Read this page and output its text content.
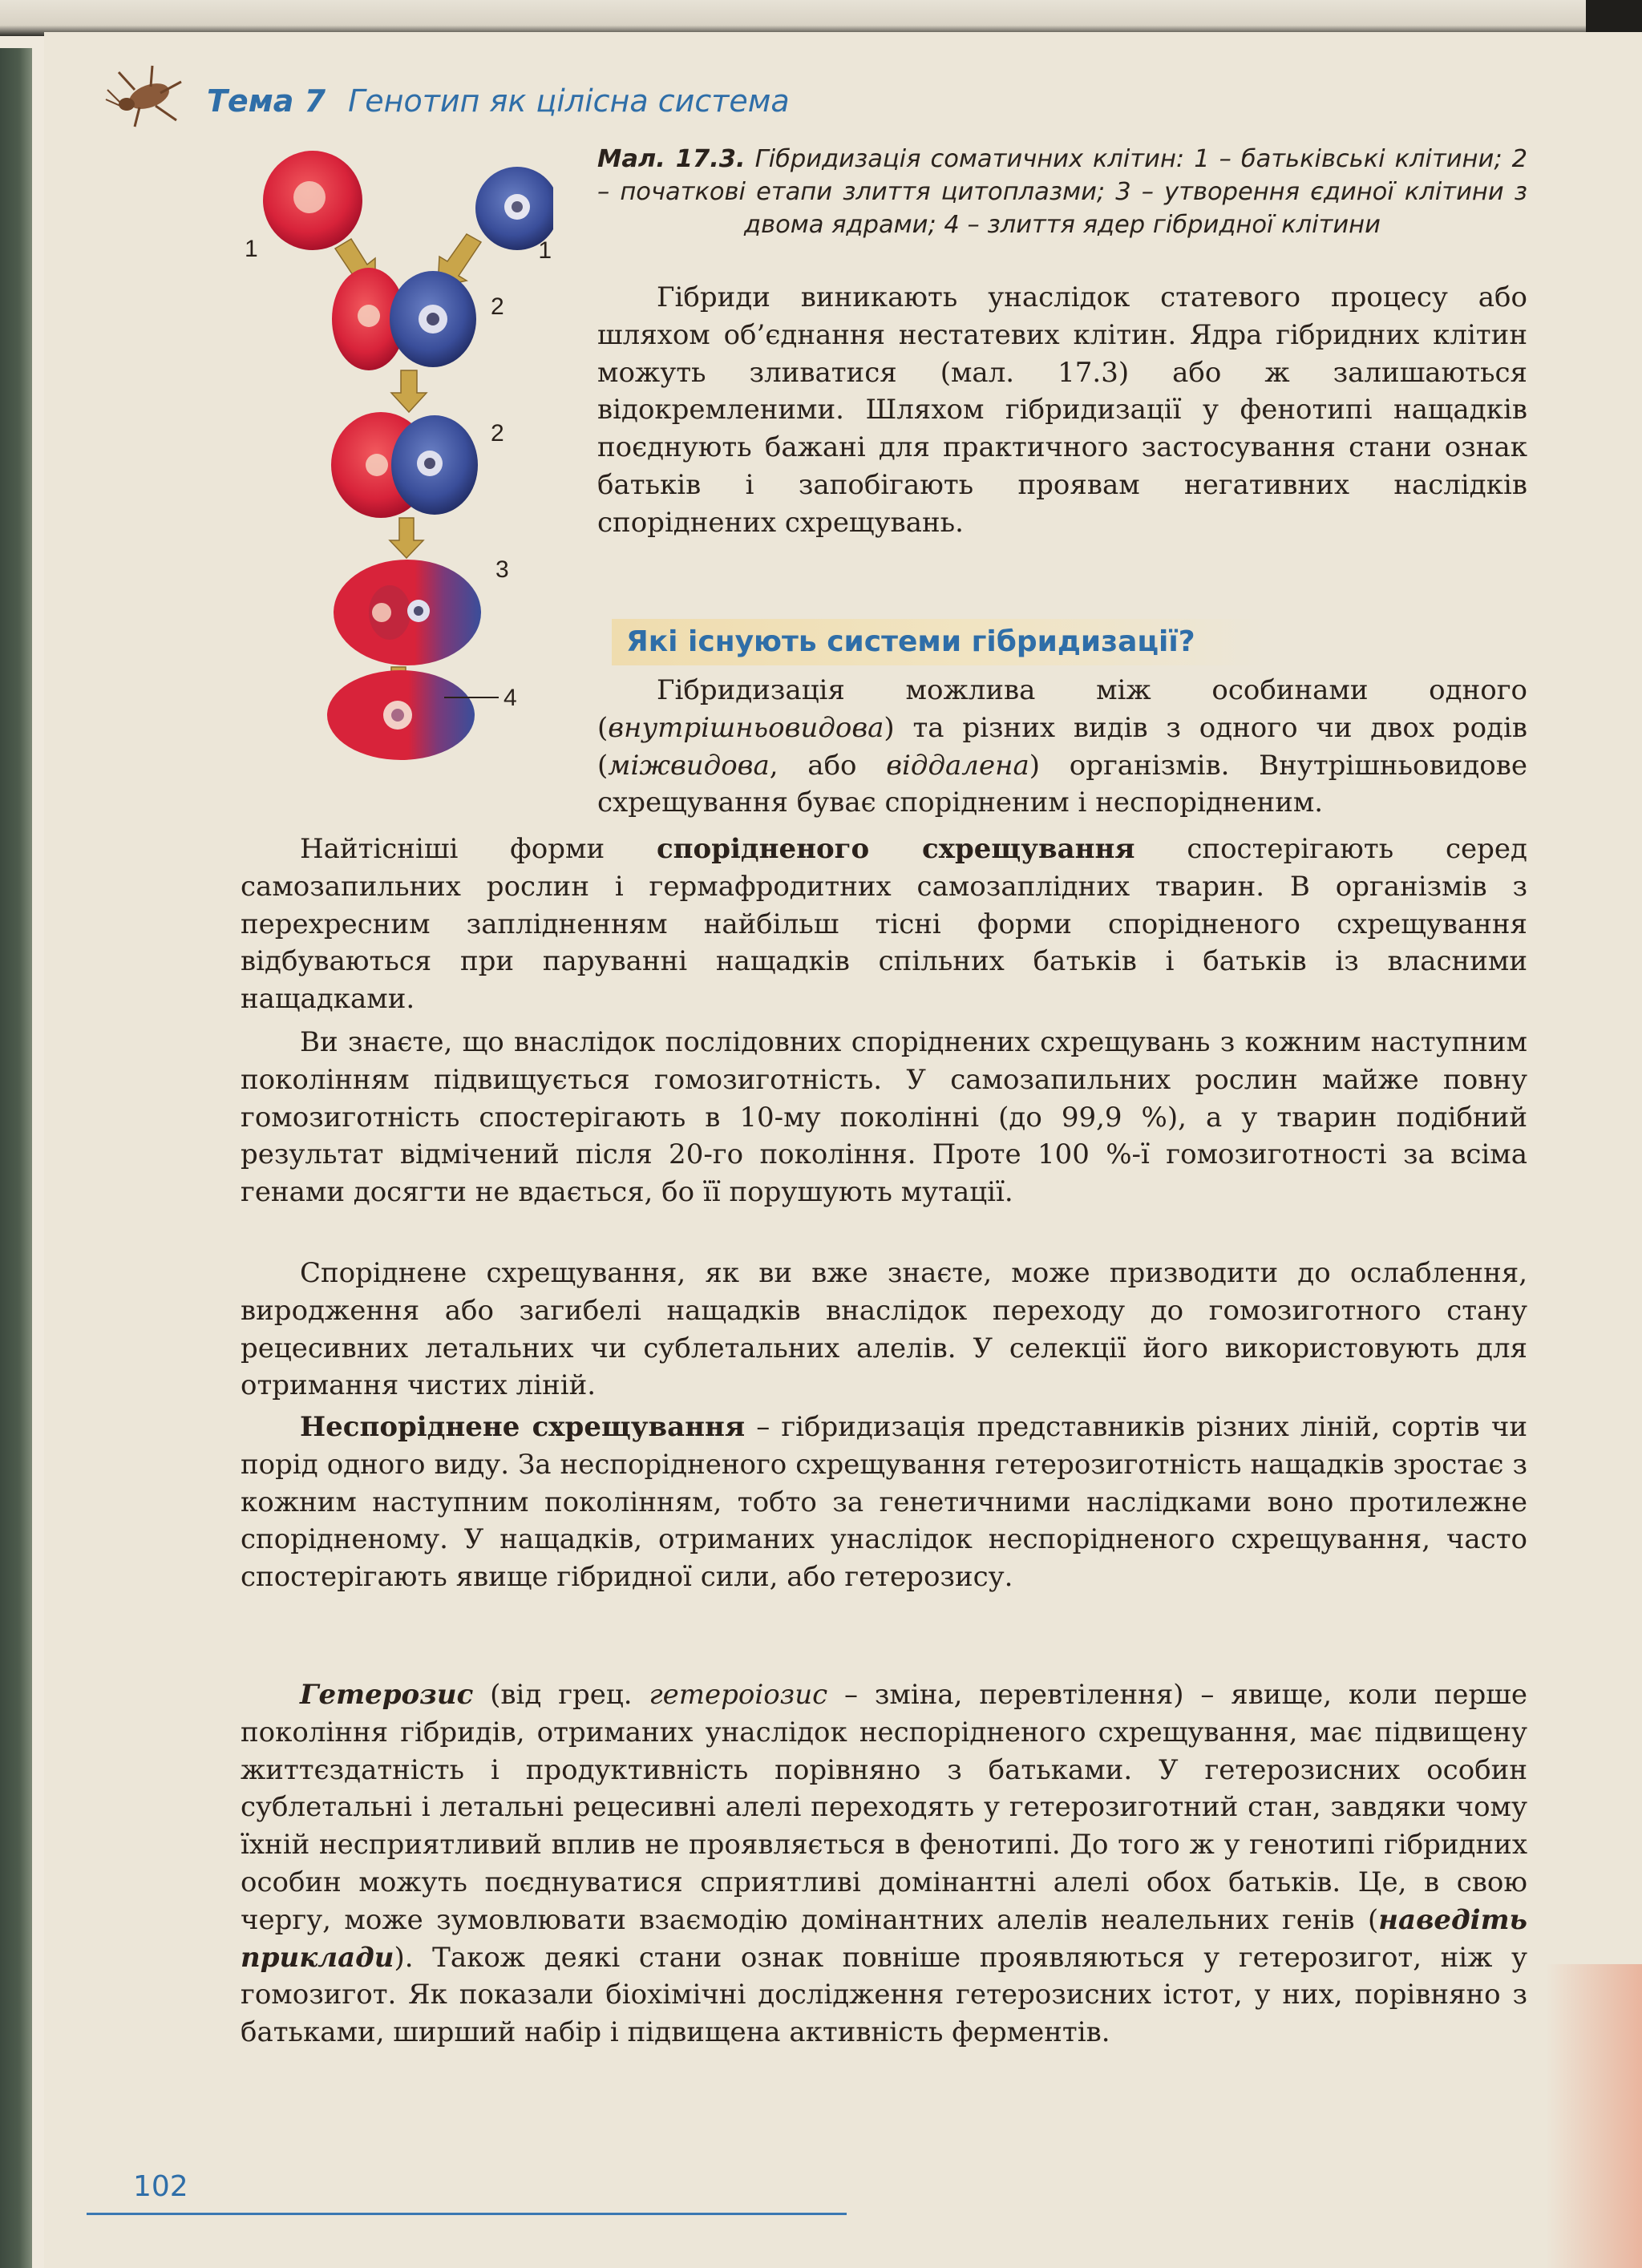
Тема 7 Генотип як цілісна система
1	1
2
2
3
4
Мал. 17.3. Гібридизація соматичних клітин: 1 – батьківські клітини; 2 – початкові етапи злиття цитоплазми; 3 – утворення єдиної клітини з двома ядрами; 4 – злиття ядер гібридної клітини
Гібриди виникають унаслідок статевого процесу або шляхом об’єднання нестатевих клітин. Ядра гібридних клітин можуть зливатися (мал. 17.3) або ж залишаються відокремленими. Шляхом гібридизації у фенотипі нащадків поєднують бажані для практичного застосування стани ознак батьків і запобігають проявам негативних наслідків споріднених схрещувань.
Які існують системи гібридизації?
Гібридизація можлива між особинами одного (внутрішньовидова) та різних видів з одного чи двох родів (міжвидова, або віддалена) організмів. Внутрішньовидове схрещування буває спорідненим і неспорідненим.
Найтісніші форми спорідненого схрещування спостерігають серед самозапильних рослин і гермафродитних самозаплідних тварин. В організмів з перехресним заплідненням найбільш тісні форми спорідненого схрещування відбуваються при паруванні нащадків спільних батьків і батьків із власними нащадками.
Ви знаєте, що внаслідок послідовних споріднених схрещувань з кожним наступним поколінням підвищується гомозиготність. У самозапильних рослин майже повну гомозиготність спостерігають в 10-му поколінні (до 99,9 %), а у тварин подібний результат відмічений після 20-го покоління. Проте 100 %-ї гомозиготності за всіма генами досягти не вдається, бо її порушують мутації.
Споріднене схрещування, як ви вже знаєте, може призводити до ослаблення, виродження або загибелі нащадків внаслідок переходу до гомозиготного стану рецесивних летальних чи сублетальних алелів. У селекції його використовують для отримання чистих ліній.
Неспоріднене схрещування – гібридизація представників різних ліній, сортів чи порід одного виду. За неспорідненого схрещування гетерозиготність нащадків зростає з кожним наступним поколінням, тобто за генетичними наслідками воно протилежне спорідненому. У нащадків, отриманих унаслідок неспорідненого схрещування, часто спостерігають явище гібридної сили, або гетерозису.
Гетерозис (від грец. гетероіозис – зміна, перевтілення) – явище, коли перше покоління гібридів, отриманих унаслідок неспорідненого схрещування, має підвищену життєздатність і продуктивність порівняно з батьками. У гетерозисних особин сублетальні і летальні рецесивні алелі переходять у гетерозиготний стан, завдяки чому їхній несприятливий вплив не проявляється в фенотипі. До того ж у генотипі гібридних особин можуть поєднуватися сприятливі домінантні алелі обох батьків. Це, в свою чергу, може зумовлювати взаємодію домінантних алелів неалельних генів (наведіть приклади). Також деякі стани ознак повніше проявляються у гетерозигот, ніж у гомозигот. Як показали біохімічні дослідження гетерозисних істот, у них, порівняно з батьками, ширший набір і підвищена активність ферментів.
102
